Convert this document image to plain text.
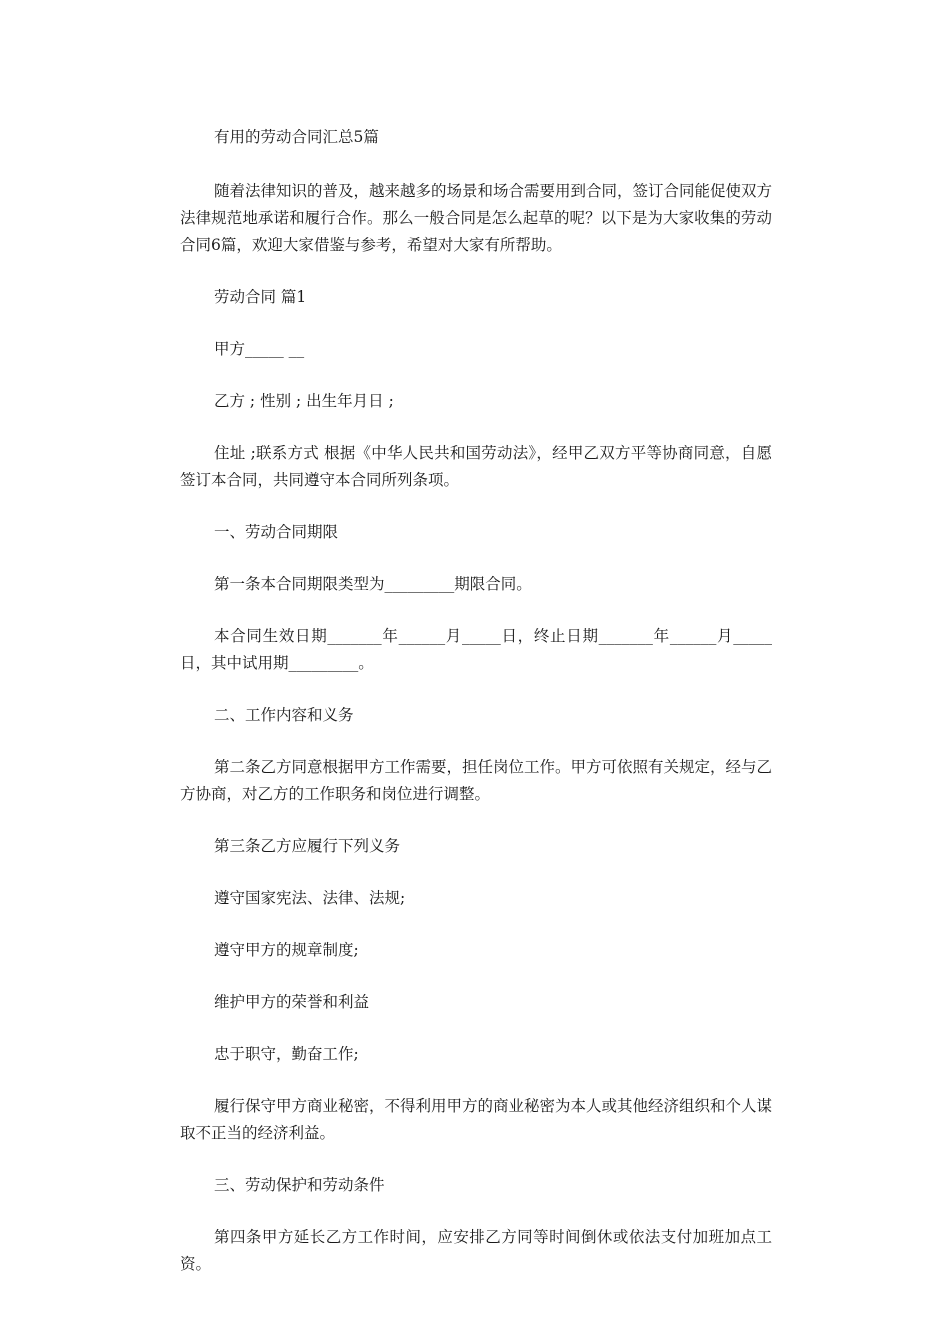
有用的劳动合同汇总5篇

随着法律知识的普及，越来越多的场景和场合需要用到合同，签订合同能促使双方法律规范地承诺和履行合作。那么一般合同是怎么起草的呢？以下是为大家收集的劳动合同6篇，欢迎大家借鉴与参考，希望对大家有所帮助。

劳动合同 篇1

甲方_____ __

乙方 ; 性别 ; 出生年月日 ;

住址 ;联系方式 根据《中华人民共和国劳动法》，经甲乙双方平等协商同意，自愿签订本合同，共同遵守本合同所列条项。

一、劳动合同期限

第一条本合同期限类型为_________期限合同。

本合同生效日期_______年______月_____日，终止日期_______年______月_____日，其中试用期_________。

二、工作内容和义务

第二条乙方同意根据甲方工作需要，担任岗位工作。甲方可依照有关规定，经与乙方协商，对乙方的工作职务和岗位进行调整。

第三条乙方应履行下列义务

遵守国家宪法、法律、法规;

遵守甲方的规章制度;

维护甲方的荣誉和利益

忠于职守，勤奋工作;

履行保守甲方商业秘密，不得利用甲方的商业秘密为本人或其他经济组织和个人谋取不正当的经济利益。

三、劳动保护和劳动条件

第四条甲方延长乙方工作时间，应安排乙方同等时间倒休或依法支付加班加点工资。
